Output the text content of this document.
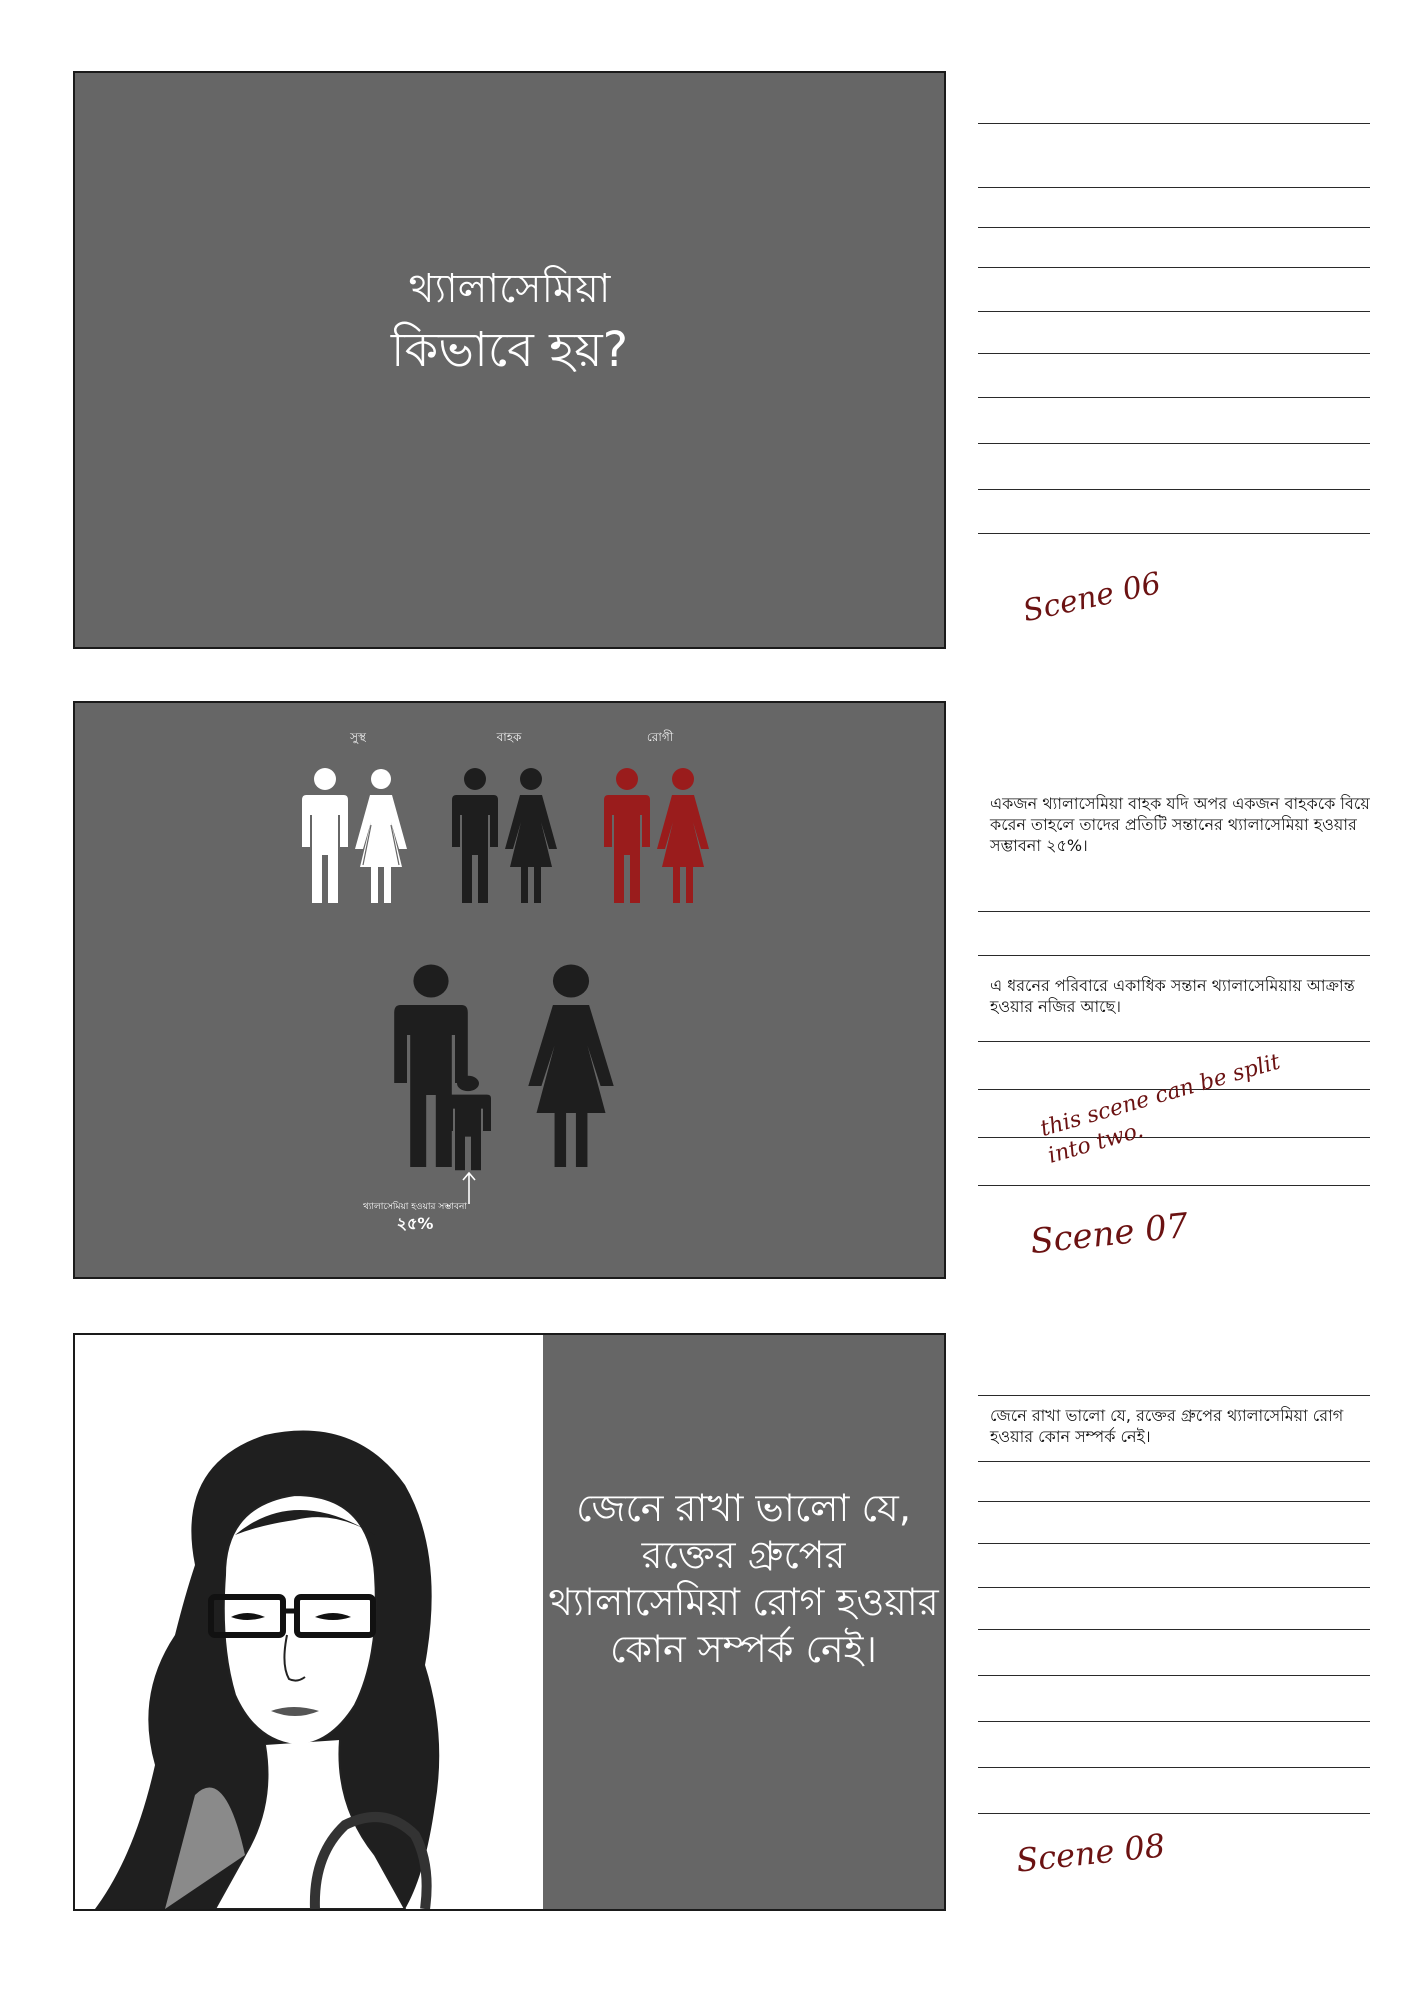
থ্যালাসেমিয়া
কিভাবে হয়?
Scene 06
সুস্থ	বাহক	রোগী
থ্যালাসেমিয়া হওয়ার সম্ভাবনা
২৫%
একজন থ্যালাসেমিয়া বাহক যদি অপর একজন বাহককে বিয়ে করেন তাহলে তাদের প্রতিটি সন্তানের থ্যালাসেমিয়া হওয়ার সম্ভাবনা ২৫%।
এ ধরনের পরিবারে একাধিক সন্তান থ্যালাসেমিয়ায় আক্রান্ত হওয়ার নজির আছে।
this scene can be split into two.
Scene 07
জেনে রাখা ভালো যে, রক্তের গ্রুপের থ্যালাসেমিয়া রোগ হওয়ার কোন সম্পর্ক নেই।
জেনে রাখা ভালো যে, রক্তের গ্রুপের থ্যালাসেমিয়া রোগ হওয়ার কোন সম্পর্ক নেই।
Scene 08
